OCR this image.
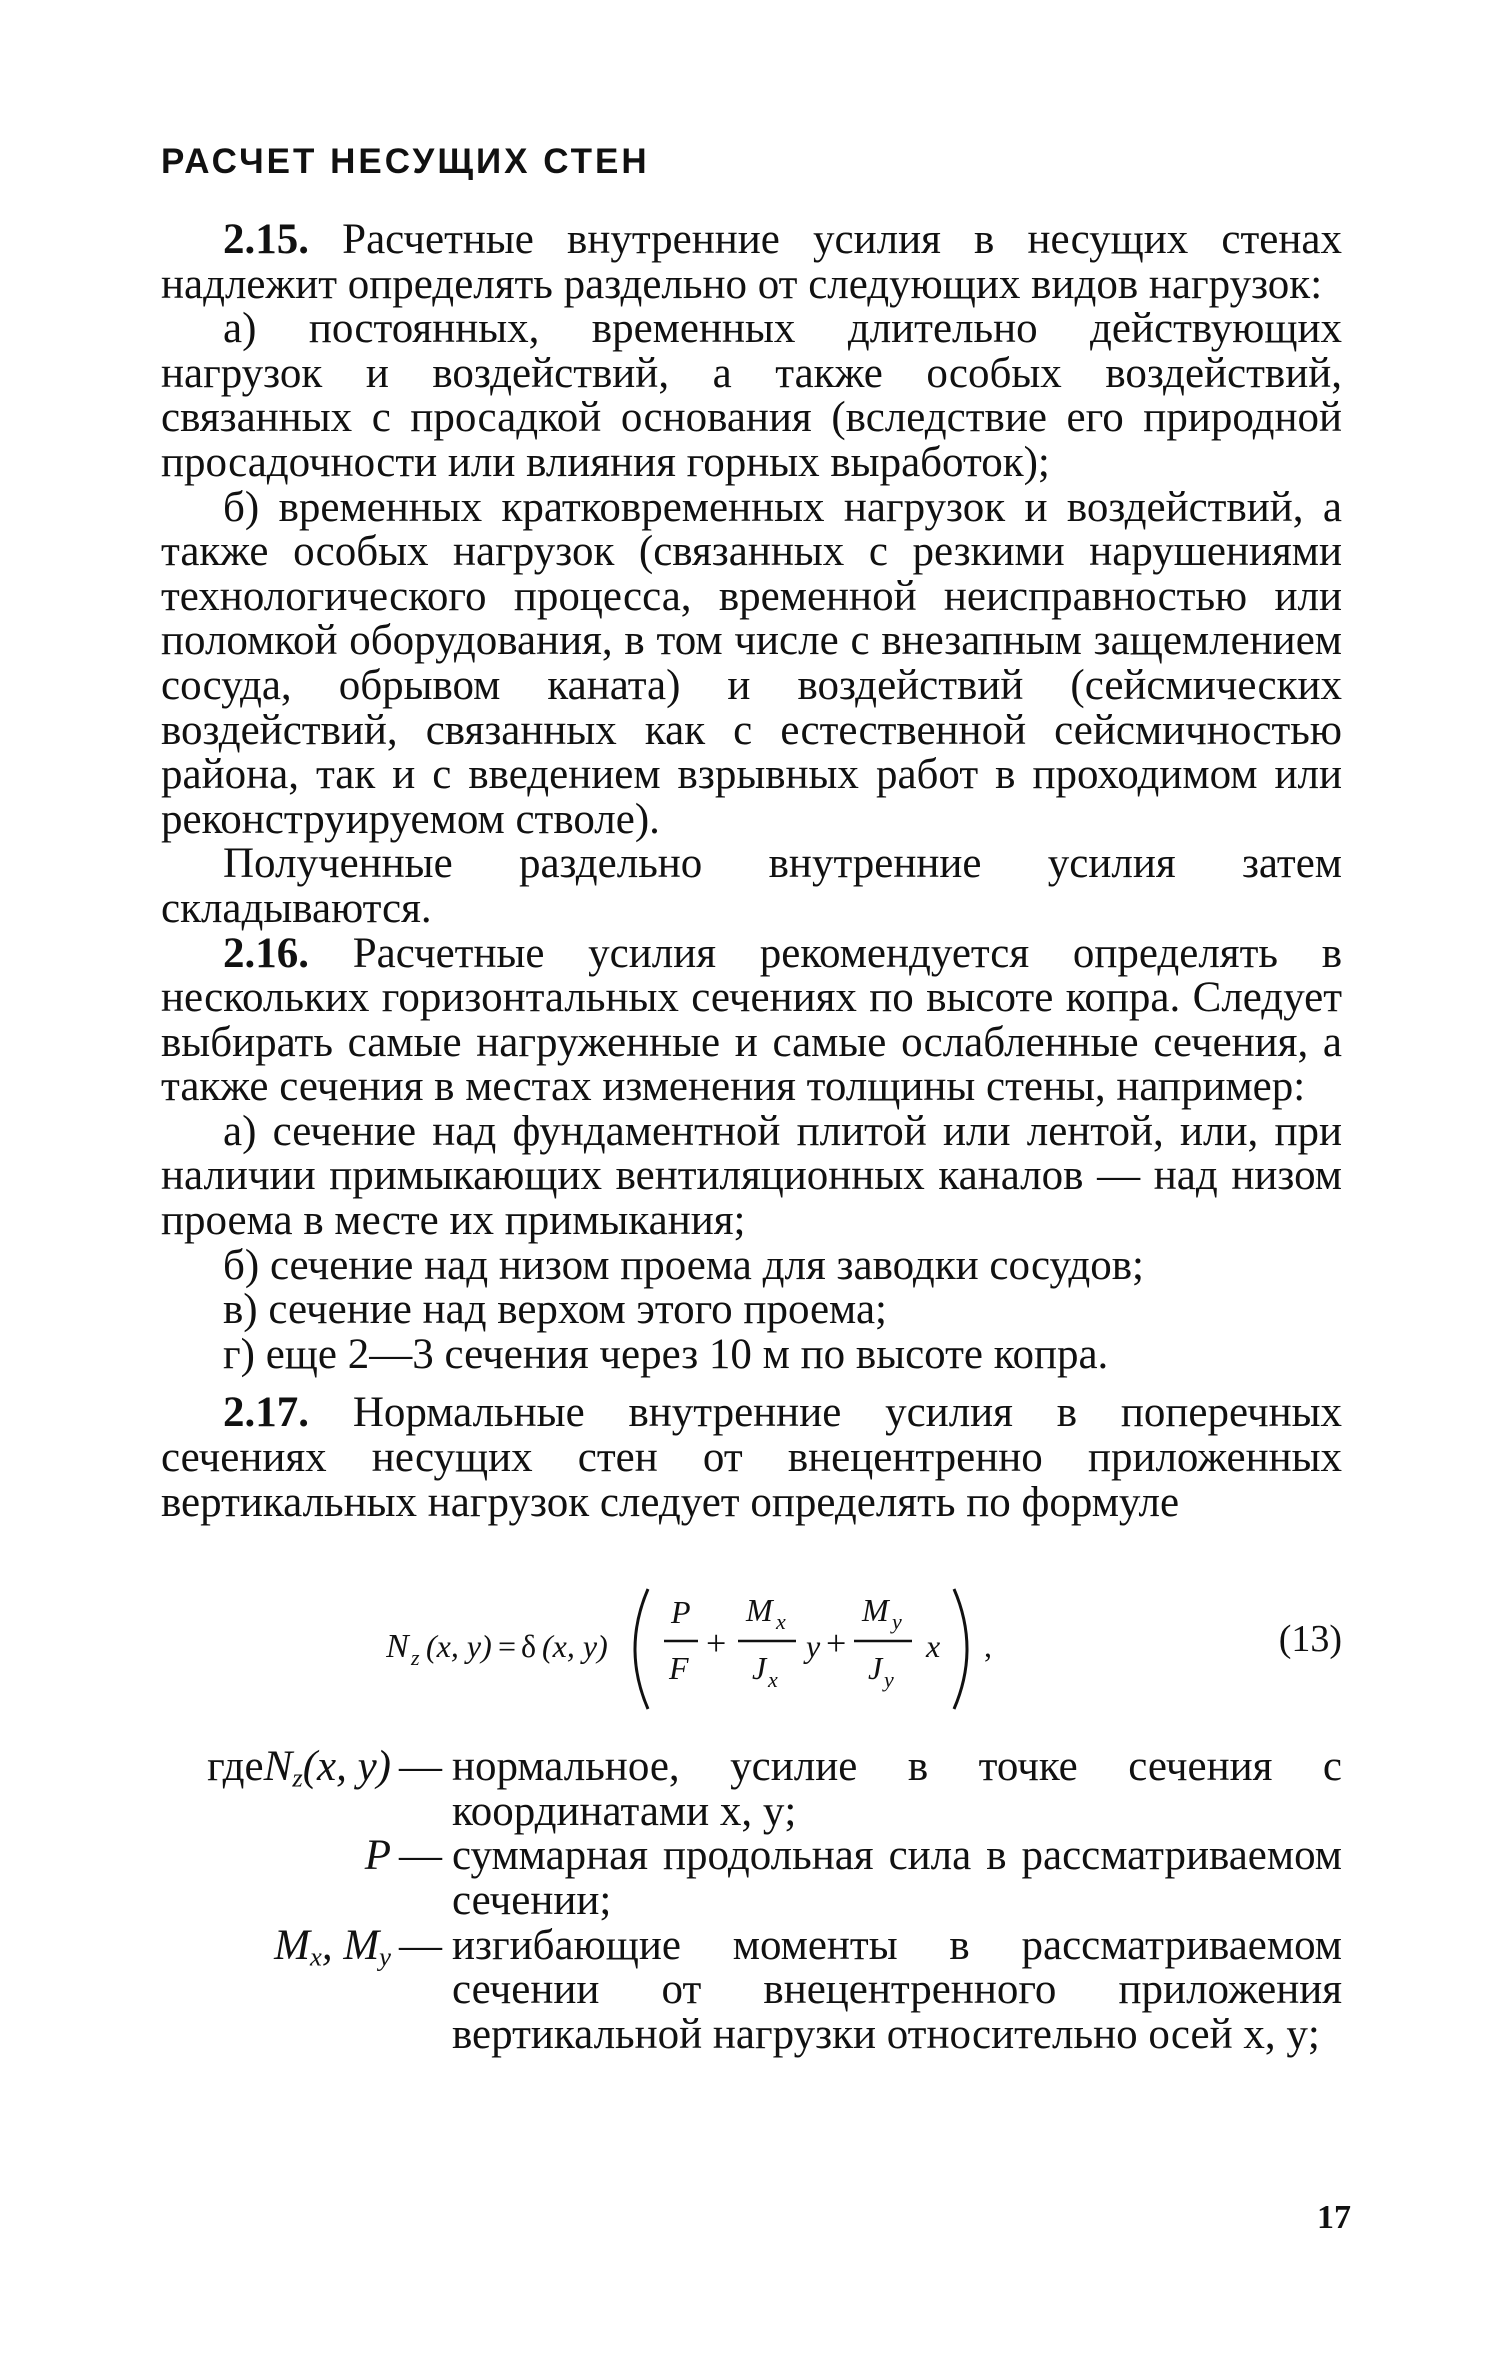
РАСЧЕТ НЕСУЩИХ СТЕН

2.15. Расчетные внутренние усилия в несущих стенах надлежит определять раздельно от следующих видов нагрузок:

а) постоянных, временных длительно действующих нагрузок и воздействий, а также особых воздействий, связанных с просадкой основания (вследствие его природной просадочности или влияния горных выработок);

б) временных кратковременных нагрузок и воздействий, а также особых нагрузок (связанных с резкими нарушениями технологического процесса, временной неисправностью или поломкой оборудования, в том числе с внезапным защемлением сосуда, обрывом каната) и воздействий (сейсмических воздействий, связанных как с естественной сейсмичностью района, так и с введением взрывных работ в проходимом или реконструируемом стволе).

Полученные раздельно внутренние усилия затем складываются.

2.16. Расчетные усилия рекомендуется определять в нескольких горизонтальных сечениях по высоте копра. Следует выбирать самые нагруженные и самые ослабленные сечения, а также сечения в местах изменения толщины стены, например:

а) сечение над фундаментной плитой или лентой, или, при наличии примыкающих вентиляционных каналов — над низом проема в месте их примыкания;

б) сечение над низом проема для заводки сосудов;

в) сечение над верхом этого проема;

г) еще 2—3 сечения через 10 м по высоте копра.

2.17. Нормальные внутренние усилия в поперечных сечениях несущих стен от внецентренно приложенных вертикальных нагрузок следует определять по формуле

N z (x, y) = δ (x, y)
P
F
+
M x
J x
y +
M y
J y
x ,	(13)
гдеN$_z$(x, y) — нормальное, усилие в точке сечения с координатами x, y;
P — суммарная продольная сила в рассматриваемом сечении;
$M_x$, $M_y$ — изгибающие моменты в рассматриваемом сечении от внецентренного приложения вертикальной нагрузки относительно осей x, y;
17
